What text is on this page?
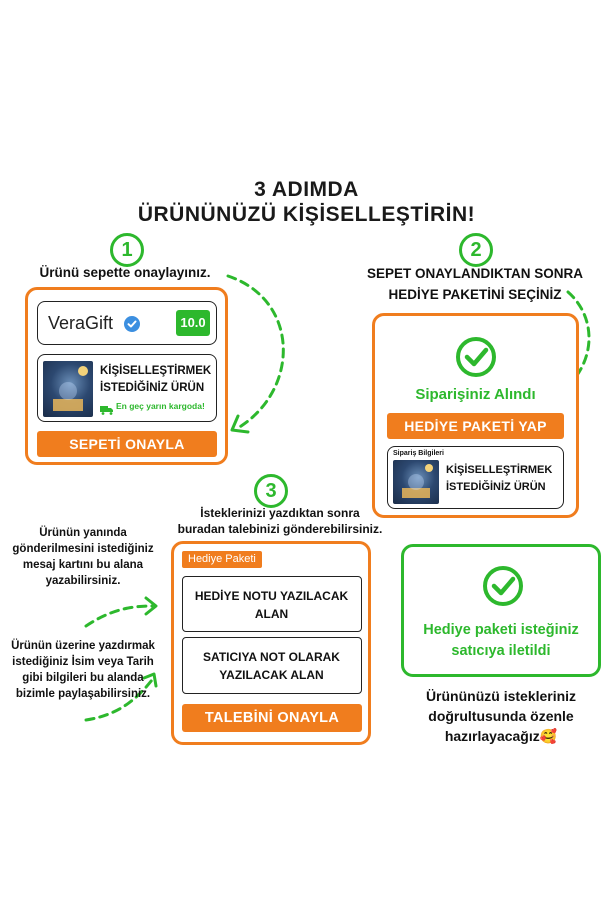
3 ADIMDA
ÜRÜNÜNÜZÜ KİŞİSELLEŞTİRİN!
1
Ürünü sepette onaylayınız.
VeraGift	10.0
KİŞİSELLEŞTİRMEK
İSTEDİĞİNİZ ÜRÜN
En geç yarın kargoda!
SEPETİ ONAYLA
2
SEPET ONAYLANDIKTAN SONRA
HEDİYE PAKETİNİ SEÇİNİZ
Siparişiniz Alındı
HEDİYE PAKETİ YAP
Sipariş Bilgileri
KİŞİSELLEŞTİRMEK
İSTEDİĞİNİZ ÜRÜN
3
İsteklerinizi yazdıktan sonra
buradan talebinizi gönderebilirsiniz.
Hediye Paketi
HEDİYE NOTU YAZILACAK
ALAN
SATICIYA NOT OLARAK
YAZILACAK ALAN
TALEBİNİ ONAYLA
Ürünün yanında
gönderilmesini istediğiniz
mesaj kartını bu alana
yazabilirsiniz.
Ürünün üzerine yazdırmak
istediğiniz İsim veya Tarih
gibi bilgileri bu alanda
bizimle paylaşabilirsiniz.
Hediye paketi isteğiniz
satıcıya iletildi
Ürününüzü istekleriniz
doğrultusunda özenle
hazırlayacağız🥰
